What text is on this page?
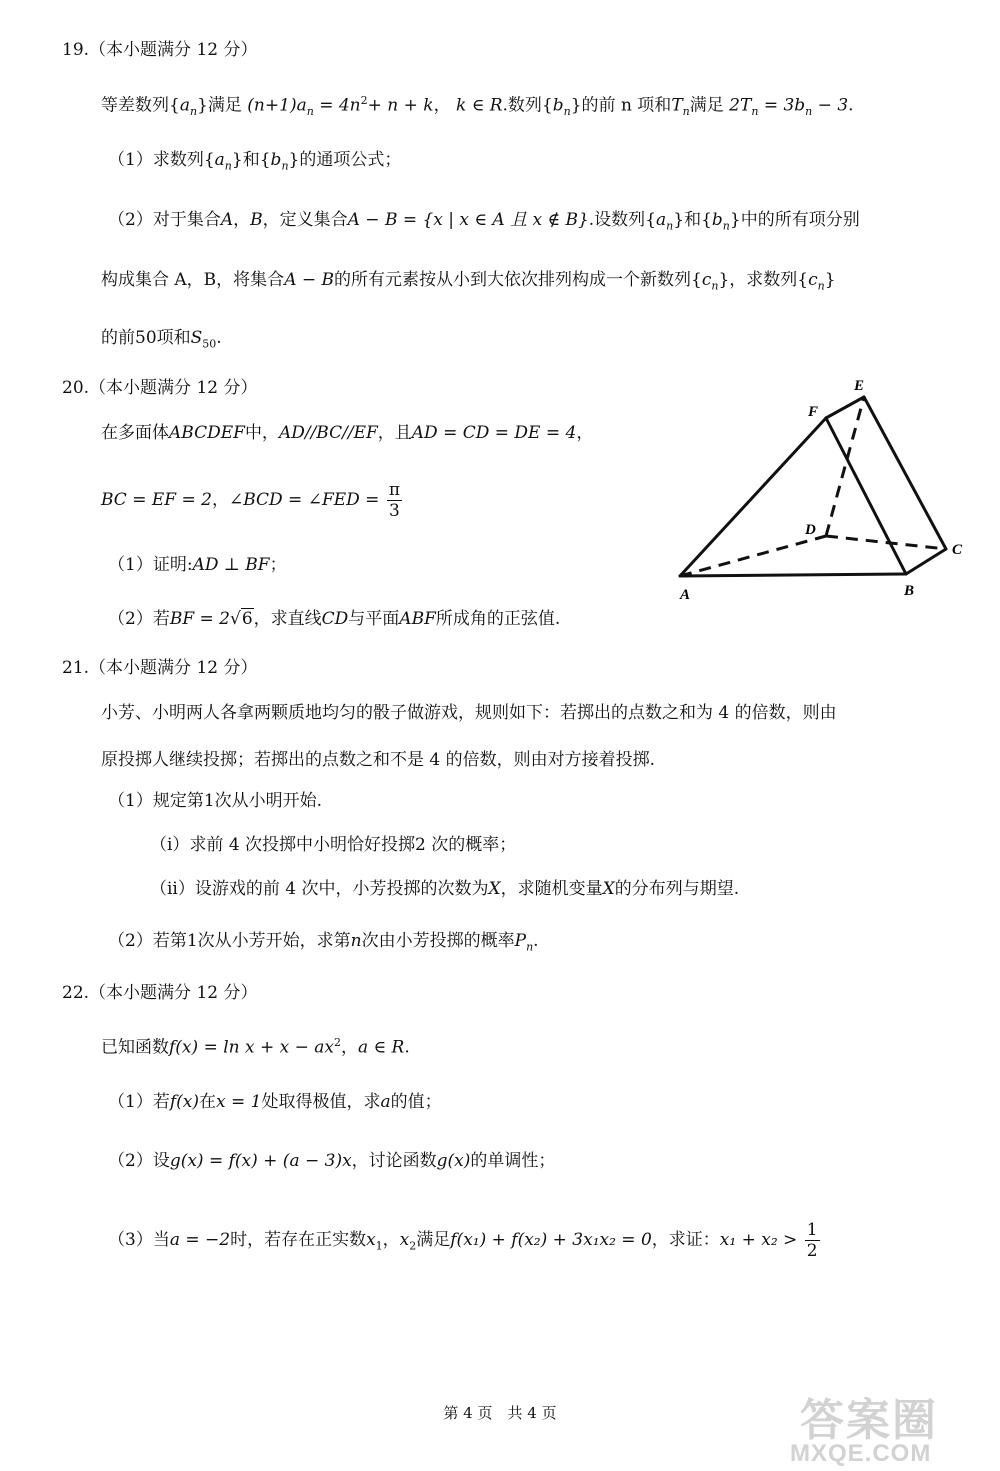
19.（本小题满分 12 分）
等差数列$\{a_n\}$满足 $(n+1)a_n = 4n^2+ n + k$， k ∈ R.数列$\{b_n\}$的前 n 项和$T_n$满足 $2T_n = 3b_n - 3$.
（1）求数列$\{a_n\}$和$\{b_n\}$的通项公式；
（2）对于集合A，B，定义集合A − B = {x | x ∈ A 且 x ∉ B}.设数列$\{a_n\}$和$\{b_n\}$中的所有项分别
构成集合 A，B，将集合A − B的所有元素按从小到大依次排列构成一个新数列$\{c_n\}$，求数列$\{c_n\}$
的前50项和$S_{50}$.
20.（本小题满分 12 分）
在多面体ABCDEF中，AD//BC//EF，且AD = CD = DE = 4，
BC = EF = 2，∠BCD = ∠FED = $\frac{\pi}{3}$
（1）证明:AD ⊥ BF；
（2）若BF = 2√6，求直线CD与平面ABF所成角的正弦值.
E
F
D
C
B
A
21.（本小题满分 12 分）
小芳、小明两人各拿两颗质地均匀的骰子做游戏，规则如下：若掷出的点数之和为 4 的倍数，则由
原投掷人继续投掷；若掷出的点数之和不是 4 的倍数，则由对方接着投掷.
（1）规定第1次从小明开始.
（i）求前 4 次投掷中小明恰好投掷2 次的概率；
（ii）设游戏的前 4 次中，小芳投掷的次数为X，求随机变量X的分布列与期望.
（2）若第1次从小芳开始，求第n次由小芳投掷的概率$P_n$.
22.（本小题满分 12 分）
已知函数$f(x) = \ln x + x - ax^2$，a ∈ R.
（1）若f(x)在x = 1处取得极值，求a的值；
（2）设g(x) = f(x) + (a − 3)x，讨论函数g(x)的单调性；
（3）当a = −2时，若存在正实数$x_1$，$x_2$满足f(x₁) + f(x₂) + 3x₁x₂ = 0，求证：$x_1 + x_2 > \frac{1}{2}$
第 4 页　共 4 页	答案圈
MXQE.COM
